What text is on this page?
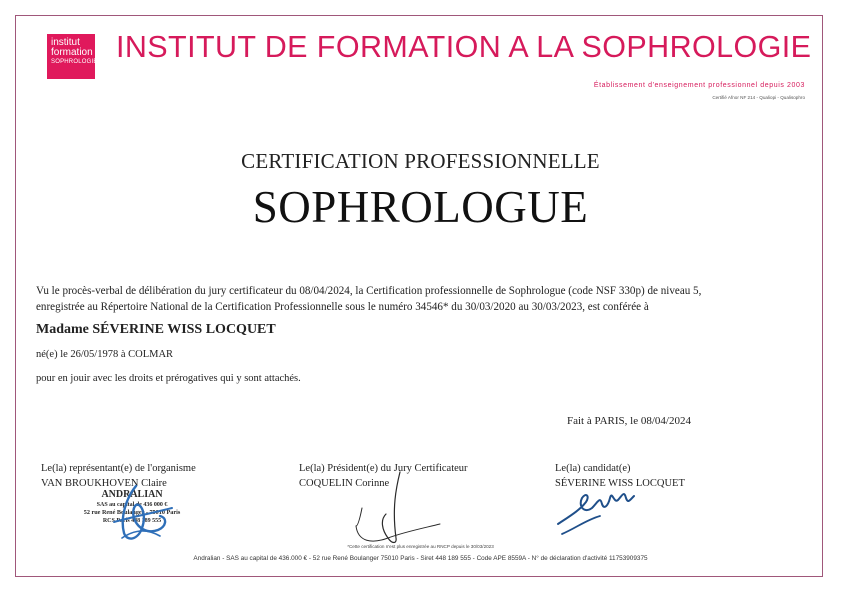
institut
formation
SOPHROLOGIE INSTITUT DE FORMATION A LA SOPHROLOGIE
Établissement d'enseignement professionnel depuis 2003
Certifié Afnor NF 214 - Qualiopi - Qualisophro
CERTIFICATION PROFESSIONNELLE
SOPHROLOGUE
Vu le procès-verbal de délibération du jury certificateur du 08/04/2024, la Certification professionnelle de Sophrologue (code NSF 330p) de niveau 5,
enregistrée au Répertoire National de la Certification Professionnelle sous le numéro 34546* du 30/03/2020 au 30/03/2023, est conférée à
Madame SÉVERINE WISS LOCQUET
né(e) le 26/05/1978 à COLMAR
pour en jouir avec les droits et prérogatives qui y sont attachés.
Fait à PARIS, le 08/04/2024
Le(la) représentant(e) de l'organisme
VAN BROUKHOVEN Claire
Le(la) Président(e) du Jury Certificateur
COQUELIN Corinne
Le(la) candidat(e)
SÉVERINE WISS LOCQUET
ANDRALIAN
SAS au capital de 436 000 €
52 rue René Boulanger - 75010 Paris
RCS Paris 448 189 555
*Cette certification n'est plus enregistrée au RNCP depuis le 30/03/2023
Andralian - SAS au capital de 436.000 € - 52 rue René Boulanger 75010 Paris - Siret 448 189 555 - Code APE 8559A - N° de déclaration d'activité 11753909375
